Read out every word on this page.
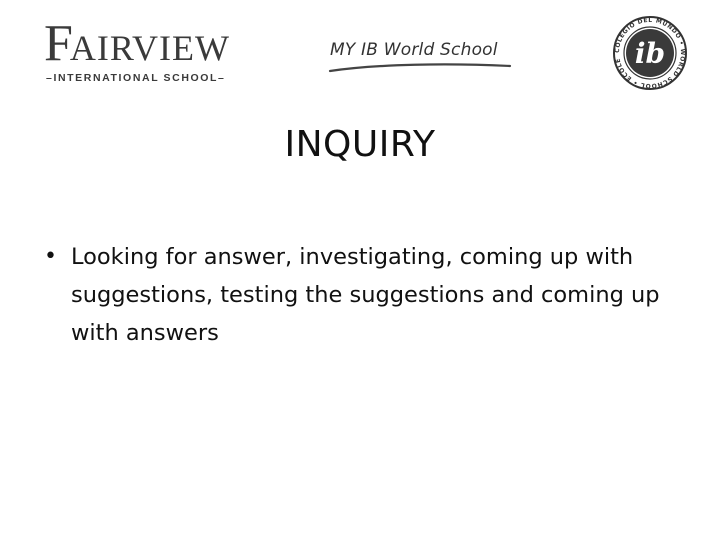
FAIRVIEW
–INTERNATIONAL SCHOOL–
MY IB World School	COLEGIO DEL MUNDO • WORLD SCHOOL • ÉCOLE ib
INQUIRY
• Looking for answer, investigating, coming up with suggestions, testing the suggestions and coming up with answers
